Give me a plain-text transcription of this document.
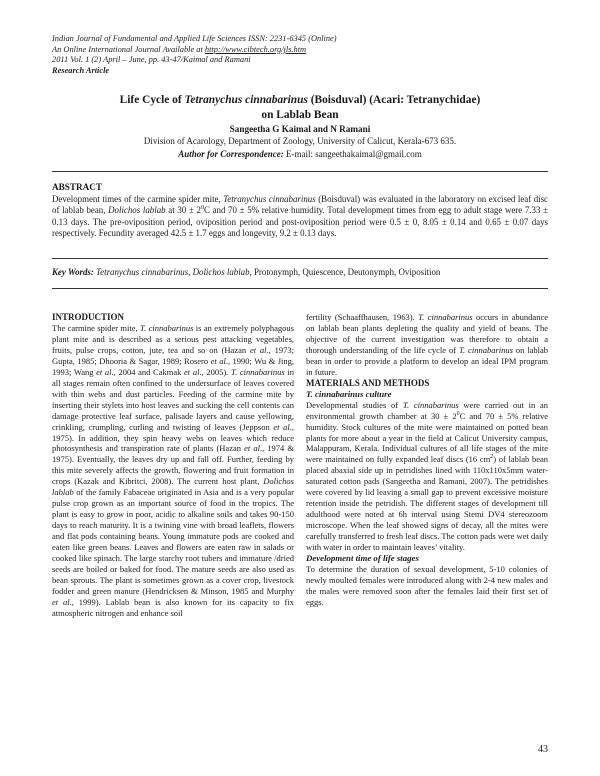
Indian Journal of Fundamental and Applied Life Sciences ISSN: 2231-6345 (Online)
An Online International Journal Available at http://www.cibtech.org/jls.htm
2011 Vol. 1 (2) April – June, pp. 43-47/Kaimal and Ramani
Research Article
Life Cycle of Tetranychus cinnabarinus (Boisduval) (Acari: Tetranychidae)
on Lablab Bean
Sangeetha G Kaimal and N Ramani
Division of Acarology, Department of Zoology, University of Calicut, Kerala-673 635.
Author for Correspondence: E-mail: sangeethakaimal@gmail.com
ABSTRACT
Development times of the carmine spider mite, Tetranychus cinnabarinus (Boisduval) was evaluated in the laboratory on excised leaf disc of lablab bean, Dolichos lablab at $30 \pm 2^0C$ and 70 ± 5% relative humidity. Total development times from egg to adult stage were 7.33 ± 0.13 days. The pre-oviposition period, oviposition period and post-oviposition period were 0.5 ± 0, 8.05 ± 0.14 and 0.65 ± 0.07 days respectively. Fecundity averaged 42.5 ± 1.7 eggs and longevity, 9.2 ± 0.13 days.
Key Words: Tetranychus cinnabarinus, Dolichos lablab, Protonymph, Quiescence, Deutonymph, Oviposition
INTRODUCTION

The carmine spider mite, T. cinnabarinus is an extremely polyphagous plant mite and is described as a serious pest attacking vegetables, fruits, pulse crops, cotton, jute, tea and so on (Hazan et al., 1973; Gupta, 1985; Dhooria & Sagar, 1989; Rosero et al., 1990; Wu & Jing, 1993; Wang et al., 2004 and Cakmak et al., 2005). T. cinnabarinus in all stages remain often confined to the undersurface of leaves covered with thin webs and dust particles. Feeding of the carmine mite by inserting their stylets into host leaves and sucking the cell contents can damage protective leaf surface, palisade layers and cause yellowing, crinkling, crumpling, curling and twisting of leaves (Jeppson et al., 1975). In addition, they spin heavy webs on leaves which reduce photosynthesis and transpiration rate of plants (Hazan et al., 1974 & 1975). Eventually, the leaves dry up and fall off. Further, feeding by this mite severely affects the growth, flowering and fruit formation in crops (Kazak and Kibritci, 2008). The current host plant, Dolichos lablab of the family Fabaceae originated in Asia and is a very popular pulse crop grown as an important source of food in the tropics. The plant is easy to grow in poor, acidic to alkaline soils and takes 90-150 days to reach maturity. It is a twining vine with broad leaflets, flowers and flat pods containing beans. Young immature pods are cooked and eaten like green beans. Leaves and flowers are eaten raw in salads or cooked like spinach. The large starchy root tubers and immature /dried seeds are boiled or baked for food. The mature seeds are also used as bean sprouts. The plant is sometimes grown as a cover crop, livestock fodder and green manure (Hendricksen & Minson, 1985 and Murphy et al., 1999). Lablab bean is also known for its capacity to fix atmospheric nitrogen and enhance soil

fertility (Schaaffhausen, 1963). T. cinnabarinus occurs in abundance on lablab bean plants depleting the quality and yield of beans. The objective of the current investigation was therefore to obtain a thorough understanding of the life cycle of T. cinnabarinus on lablab bean in order to provide a platform to develop an ideal IPM program in future.

MATERIALS AND METHODS
T. cinnabarinus culture

Developmental studies of T. cinnabarinus were carried out in an environmental growth chamber at $30 \pm 2^0C$ and 70 ± 5% relative humidity. Stock cultures of the mite were maintained on potted bean plants for more about a year in the field at Calicut University campus, Malappuram, Kerala. Individual cultures of all life stages of the mite were maintained on fully expanded leaf discs (16 $cm^2$) of lablab bean placed abaxial side up in petridishes lined with 110x110x5mm water-saturated cotton pads (Sangeetha and Ramani, 2007). The petridishes were covered by lid leaving a small gap to prevent excessive moisture retention inside the petridish. The different stages of development till adulthood were noted at 6h interval using Stemi DV4 stereozoom microscope. When the leaf showed signs of decay, all the mites were carefully transferred to fresh leaf discs. The cotton pads were wet daily with water in order to maintain leaves’ vitality.

Development time of life stages

To determine the duration of sexual development, 5-10 colonies of newly moulted females were introduced along with 2-4 new males and the males were removed soon after the females laid their first set of eggs.

43
